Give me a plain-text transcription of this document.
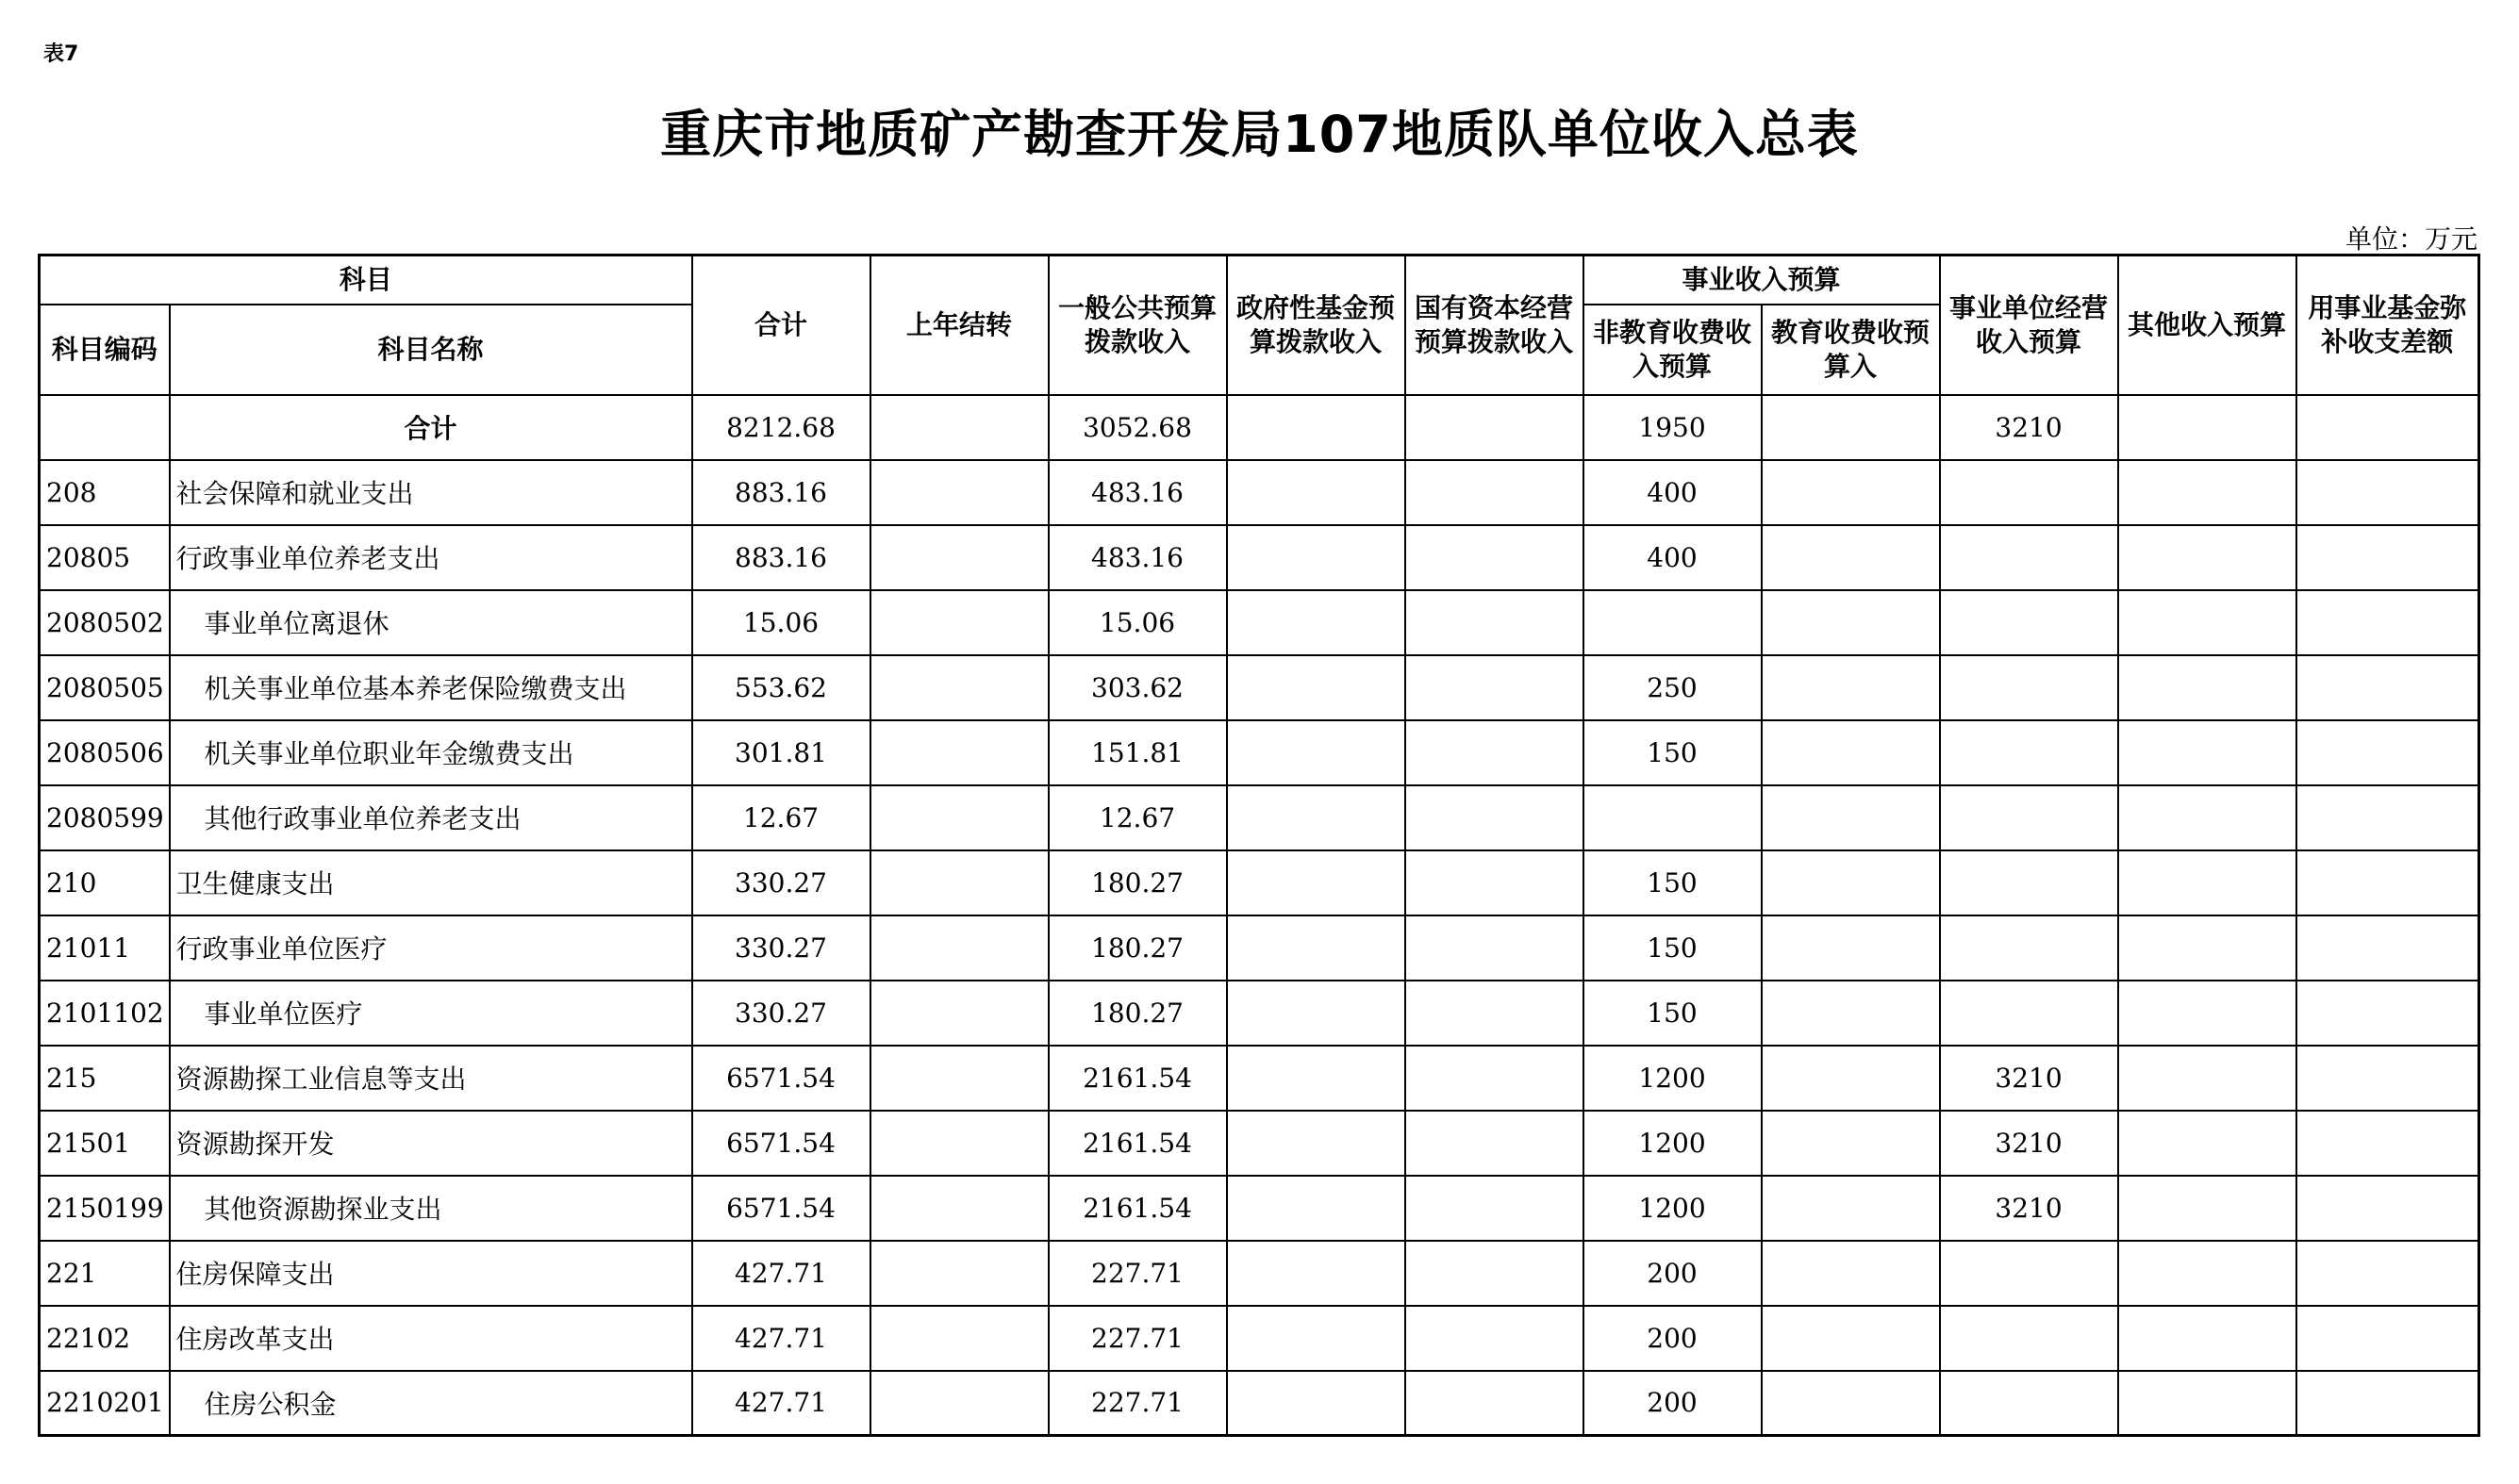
表7
重庆市地质矿产勘查开发局107地质队单位收入总表
单位：万元
科目		合计	上年结转	一般公共预算拨款收入	政府性基金预算拨款收入	国有资本经营预算拨款收入	事业收入预算		事业单位经营收入预算	其他收入预算	用事业基金弥补收支差额
科目编码	科目名称						非教育收费收入预算	教育收费收预算入			
	合计	8212.68		3052.68			1950		3210		
208	社会保障和就业支出	883.16		483.16			400				
20805	行政事业单位养老支出	883.16		483.16			400				
2080502	事业单位离退休	15.06		15.06							
2080505	机关事业单位基本养老保险缴费支出	553.62		303.62			250				
2080506	机关事业单位职业年金缴费支出	301.81		151.81			150				
2080599	其他行政事业单位养老支出	12.67		12.67							
210	卫生健康支出	330.27		180.27			150				
21011	行政事业单位医疗	330.27		180.27			150				
2101102	事业单位医疗	330.27		180.27			150				
215	资源勘探工业信息等支出	6571.54		2161.54			1200		3210		
21501	资源勘探开发	6571.54		2161.54			1200		3210		
2150199	其他资源勘探业支出	6571.54		2161.54			1200		3210		
221	住房保障支出	427.71		227.71			200				
22102	住房改革支出	427.71		227.71			200				
2210201	住房公积金	427.71		227.71			200				
